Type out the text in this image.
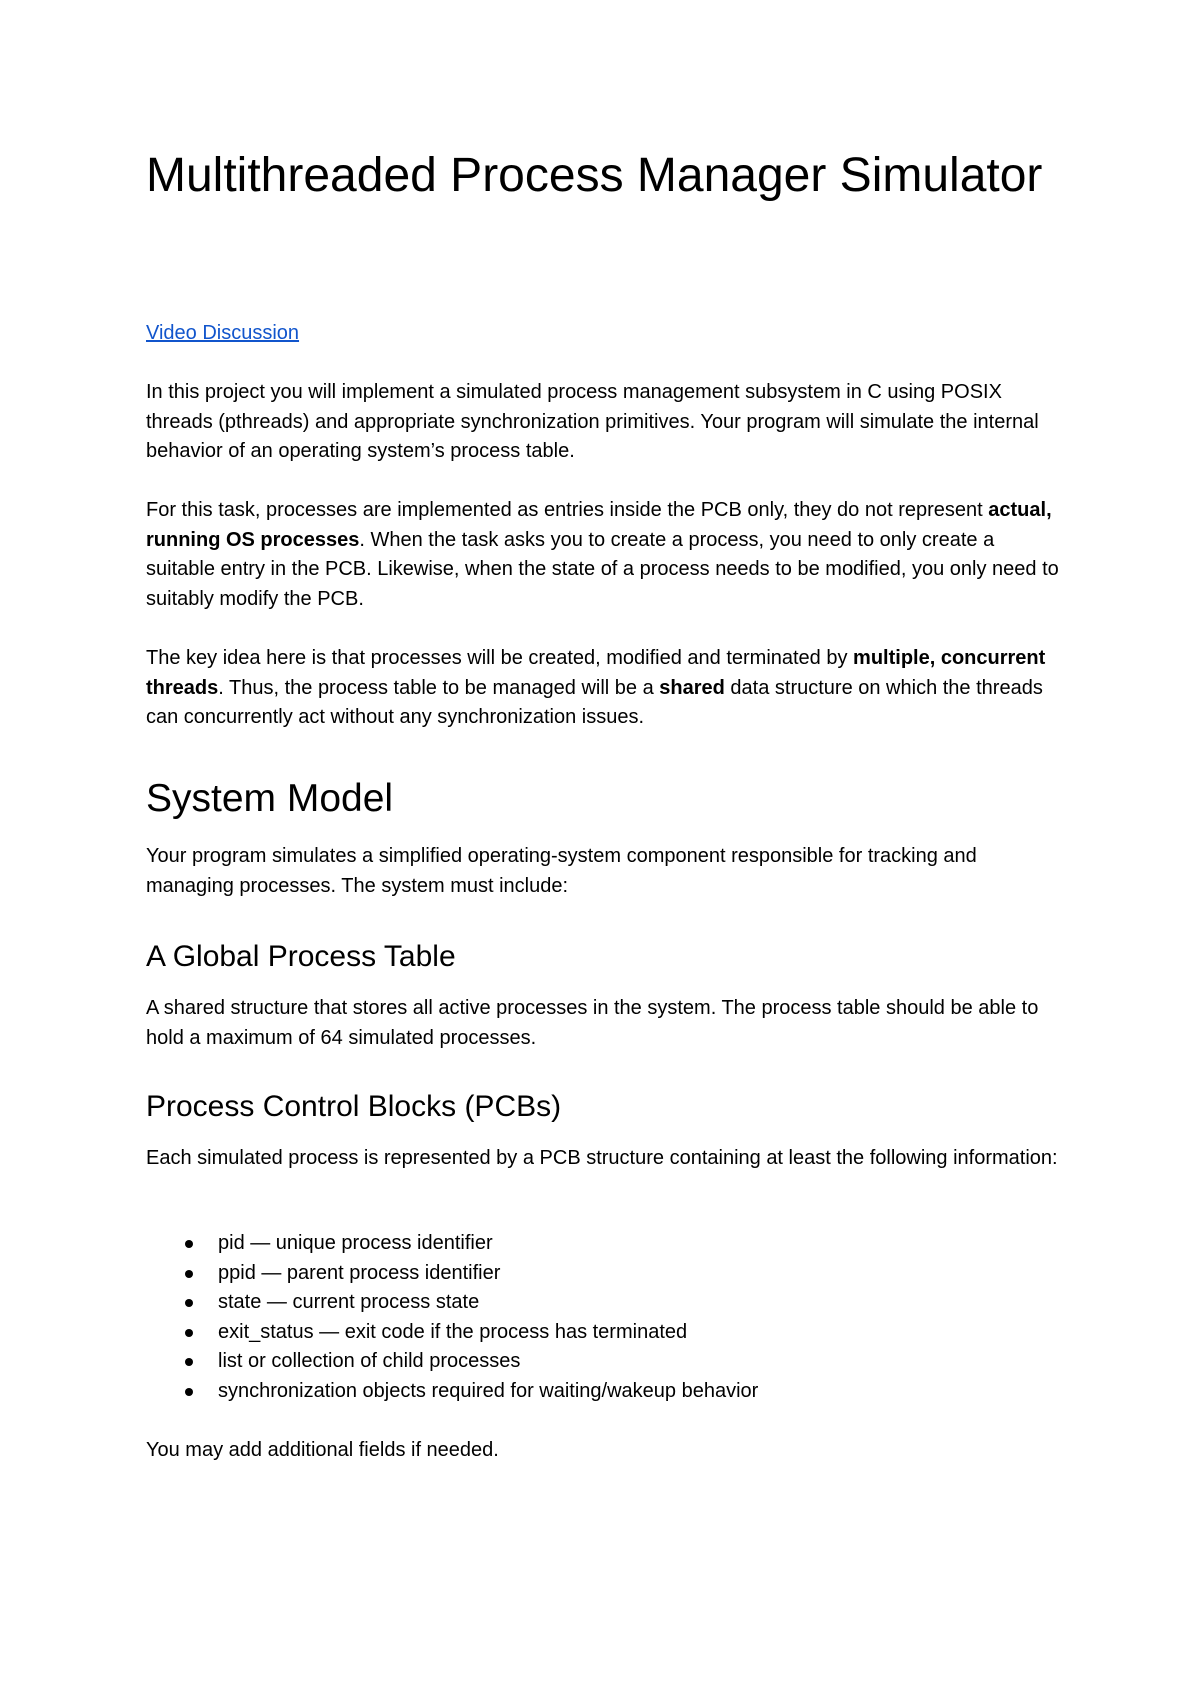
Multithreaded Process Manager Simulator
Video Discussion

In this project you will implement a simulated process management subsystem in C using POSIX threads (pthreads) and appropriate synchronization primitives. Your program will simulate the internal behavior of an operating system’s process table.

For this task, processes are implemented as entries inside the PCB only, they do not represent actual, running OS processes. When the task asks you to create a process, you need to only create a suitable entry in the PCB. Likewise, when the state of a process needs to be modified, you only need to suitably modify the PCB.

The key idea here is that processes will be created, modified and terminated by multiple, concurrent threads. Thus, the process table to be managed will be a shared data structure on which the threads can concurrently act without any synchronization issues.

System Model

Your program simulates a simplified operating-system component responsible for tracking and managing processes. The system must include:

A Global Process Table

A shared structure that stores all active processes in the system. The process table should be able to hold a maximum of 64 simulated processes.

Process Control Blocks (PCBs)

Each simulated process is represented by a PCB structure containing at least the following information:

pid — unique process identifier
ppid — parent process identifier
state — current process state
exit_status — exit code if the process has terminated
list or collection of child processes
synchronization objects required for waiting/wakeup behavior

You may add additional fields if needed.
